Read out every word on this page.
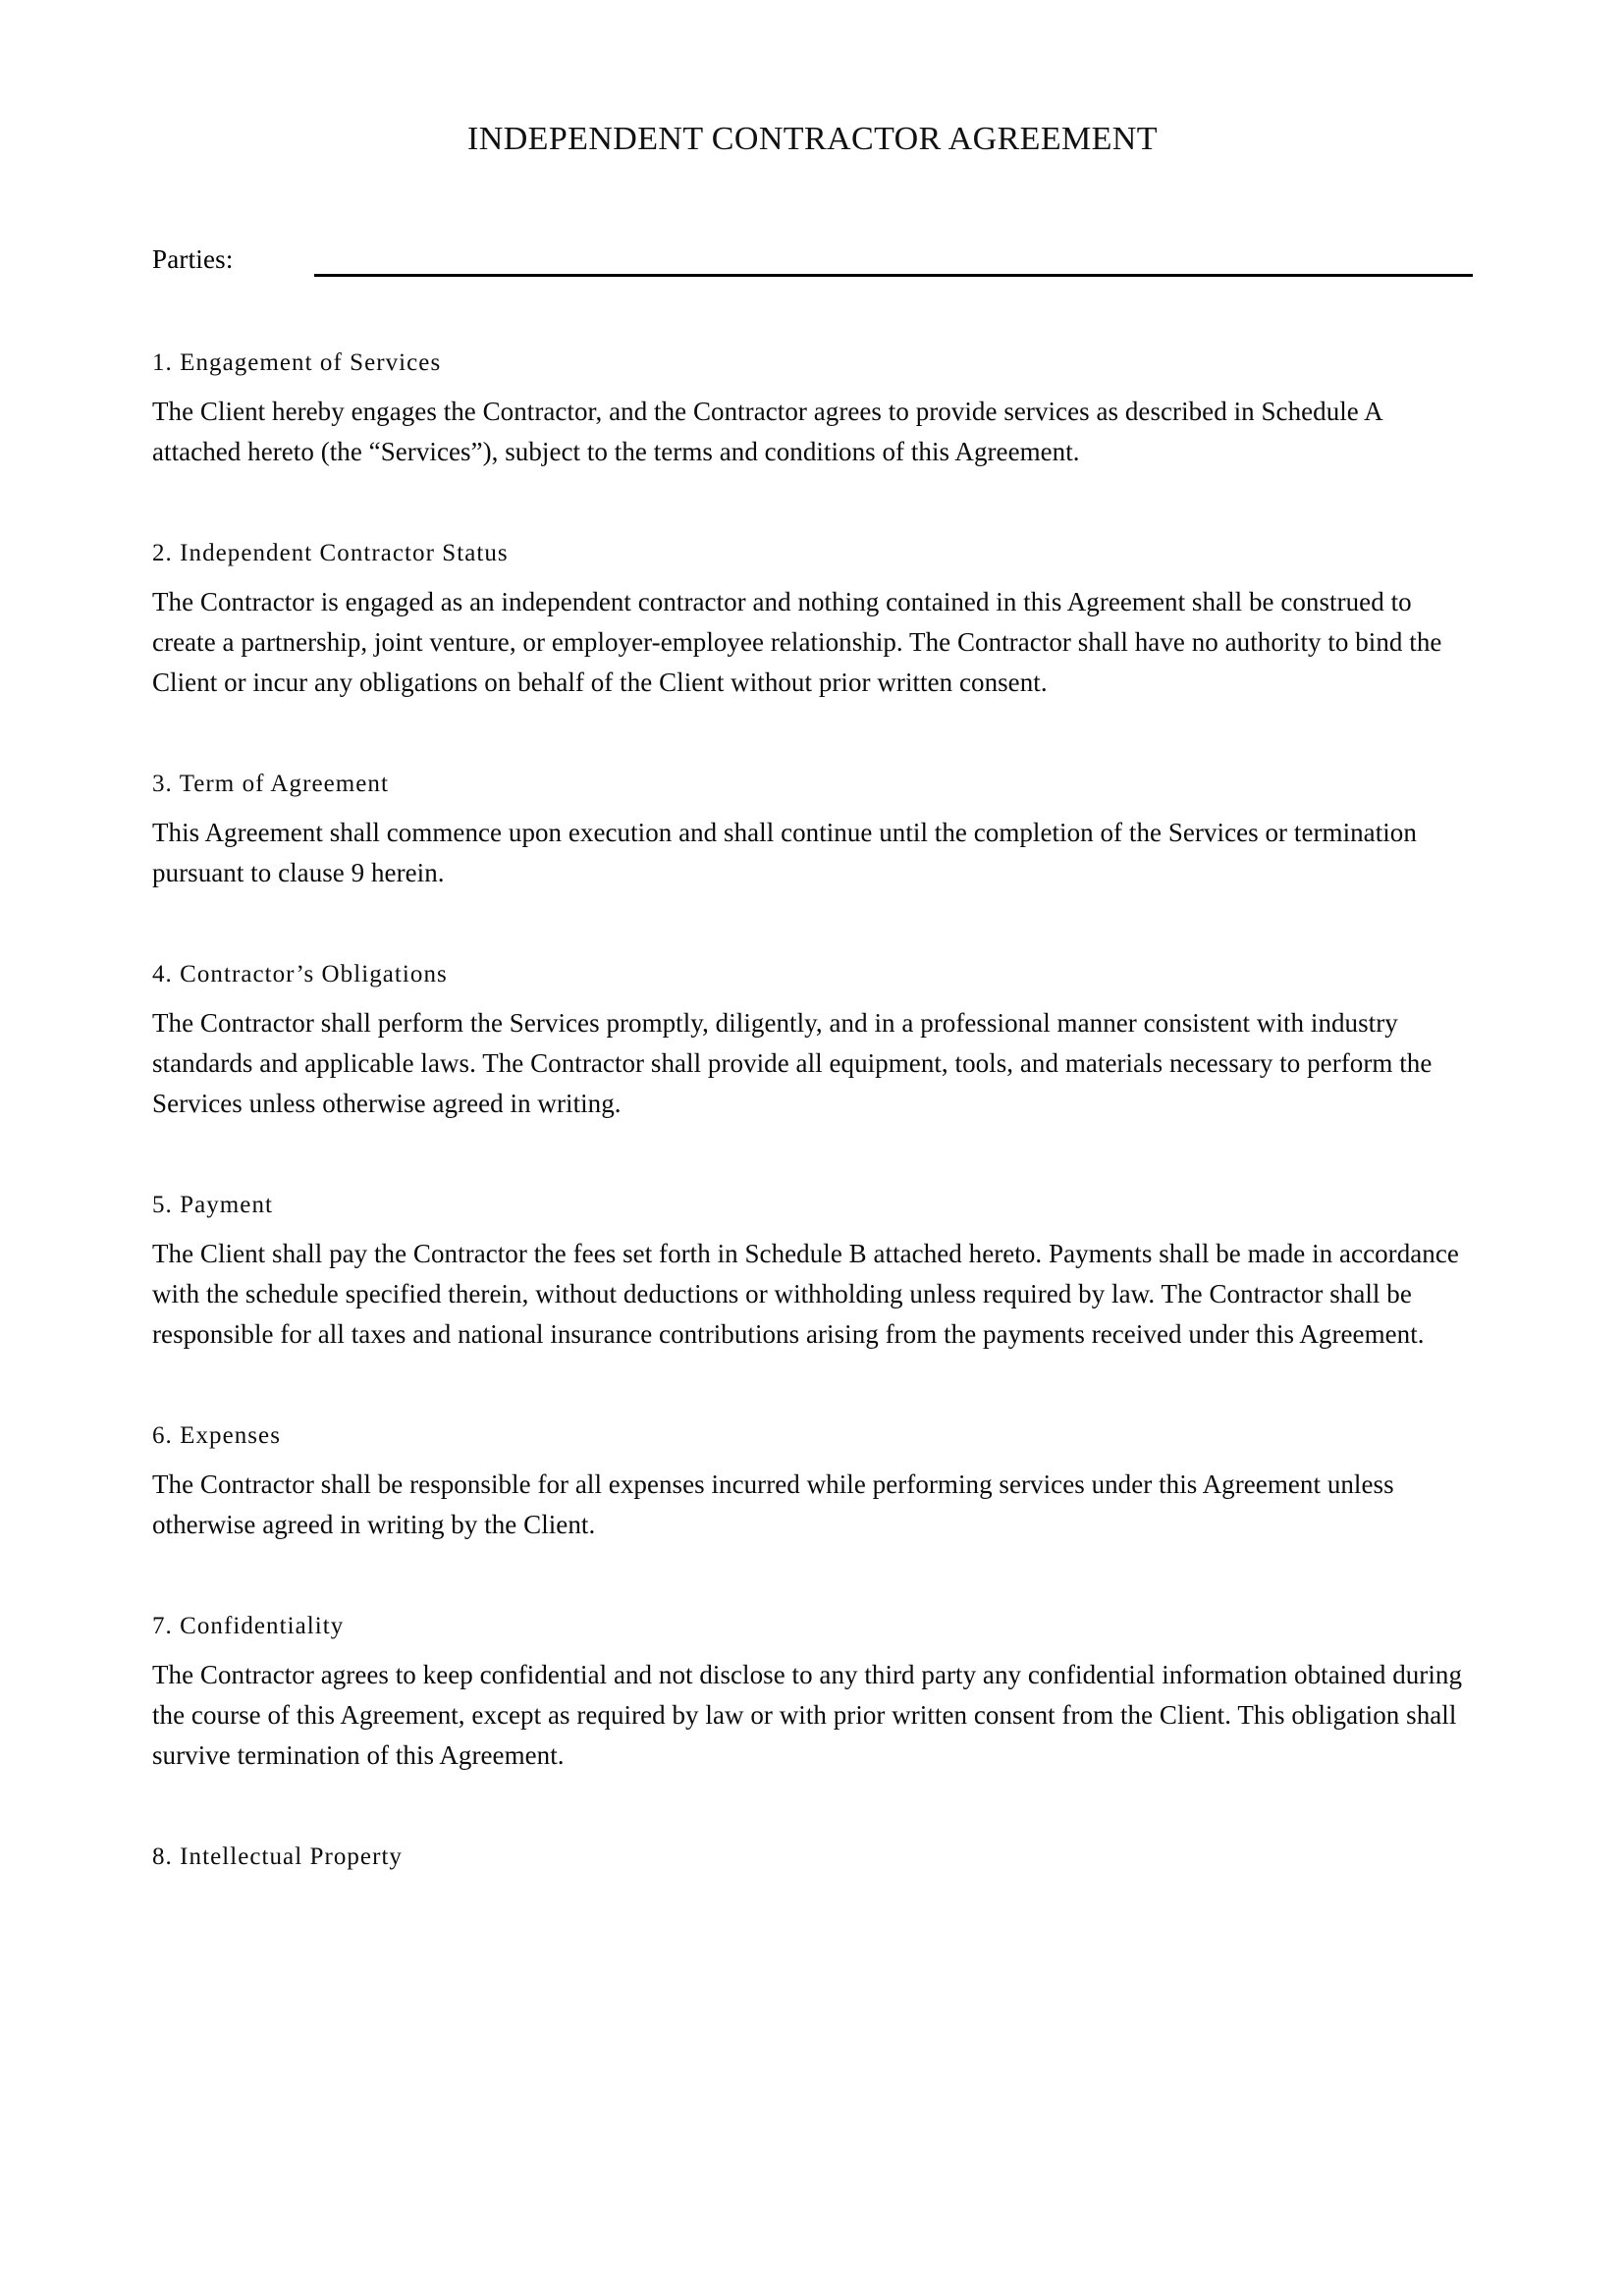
INDEPENDENT CONTRACTOR AGREEMENT
Parties:
1. Engagement of Services

The Client hereby engages the Contractor, and the Contractor agrees to provide services as described in Schedule A attached hereto (the “Services”), subject to the terms and conditions of this Agreement.

2. Independent Contractor Status

The Contractor is engaged as an independent contractor and nothing contained in this Agreement shall be construed to create a partnership, joint venture, or employer-employee relationship. The Contractor shall have no authority to bind the Client or incur any obligations on behalf of the Client without prior written consent.

3. Term of Agreement

This Agreement shall commence upon execution and shall continue until the completion of the Services or termination pursuant to clause 9 herein.

4. Contractor’s Obligations

The Contractor shall perform the Services promptly, diligently, and in a professional manner consistent with industry standards and applicable laws. The Contractor shall provide all equipment, tools, and materials necessary to perform the Services unless otherwise agreed in writing.

5. Payment

The Client shall pay the Contractor the fees set forth in Schedule B attached hereto. Payments shall be made in accordance with the schedule specified therein, without deductions or withholding unless required by law. The Contractor shall be responsible for all taxes and national insurance contributions arising from the payments received under this Agreement.

6. Expenses

The Contractor shall be responsible for all expenses incurred while performing services under this Agreement unless otherwise agreed in writing by the Client.

7. Confidentiality

The Contractor agrees to keep confidential and not disclose to any third party any confidential information obtained during the course of this Agreement, except as required by law or with prior written consent from the Client. This obligation shall survive termination of this Agreement.

8. Intellectual Property
